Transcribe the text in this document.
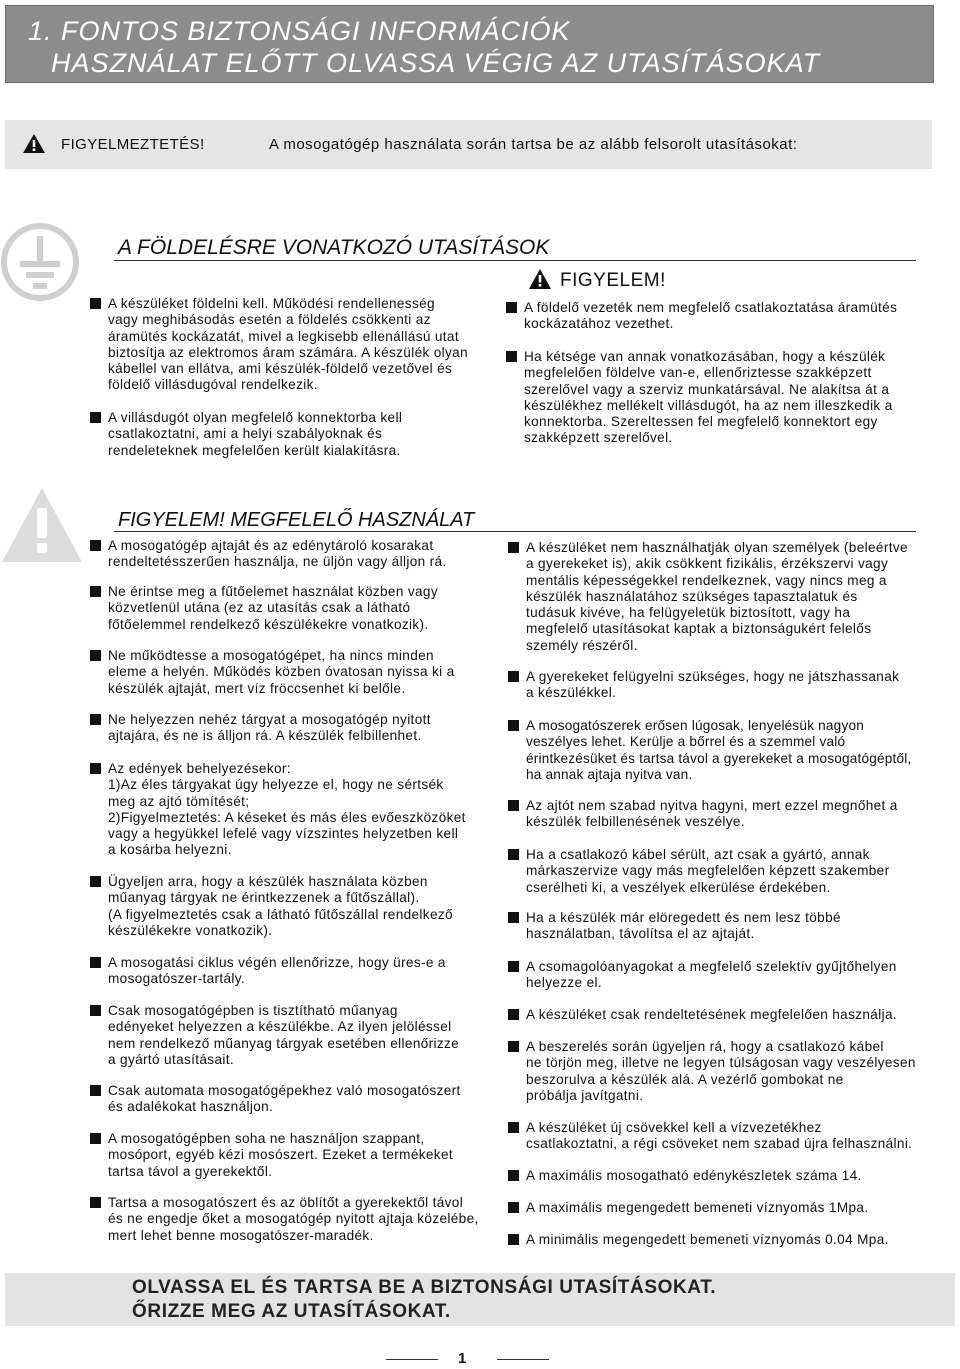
1. FONTOS BIZTONSÁGI INFORMÁCIÓK
HASZNÁLAT ELŐTT OLVASSA VÉGIG AZ UTASÍTÁSOKAT
FIGYELMEZTETÉS!	A mosogatógép használata során tartsa be az alább felsorolt utasításokat:
A FÖLDELÉSRE VONATKOZÓ UTASÍTÁSOK
A készüléket földelni kell. Működési rendellenesség
vagy meghibásodás esetén a földelés csökkenti az
áramütés kockázatát, mivel a legkisebb ellenállású utat
biztosítja az elektromos áram számára. A készülék olyan
kábellel van ellátva, ami készülék-földelő vezetővel és
földelő villásdugóval rendelkezik.
A villásdugót olyan megfelelő konnektorba kell
csatlakoztatni, ami a helyi szabályoknak és
rendeleteknek megfelelően került kialakításra.
FIGYELEM!
A földelő vezeték nem megfelelő csatlakoztatása áramütés
kockázatához vezethet.
Ha kétsége van annak vonatkozásában, hogy a készülék
megfelelően földelve van-e, ellenőriztesse szakképzett
szerelővel vagy a szerviz munkatársával. Ne alakítsa át a
készülékhez mellékelt villásdugót, ha az nem illeszkedik a
konnektorba. Szereltessen fel megfelelő konnektort egy
szakképzett szerelővel.
FIGYELEM! MEGFELELŐ HASZNÁLAT
A mosogatógép ajtaját és az edénytároló kosarakat
rendeltetésszerűen használja, ne üljön vagy álljon rá.
Ne érintse meg a fűtőelemet használat közben vagy
közvetlenül utána (ez az utasítás csak a látható
főtőelemmel rendelkező készülékekre vonatkozik).
Ne működtesse a mosogatógépet, ha nincs minden
eleme a helyén. Működés közben óvatosan nyissa ki a
készülék ajtaját, mert víz fröccsenhet ki belőle.
Ne helyezzen nehéz tárgyat a mosogatógép nyitott
ajtajára, és ne is álljon rá. A készülék felbillenhet.
Az edények behelyezésekor:
1)Az éles tárgyakat úgy helyezze el, hogy ne sértsék
meg az ajtó tömítését;
2)Figyelmeztetés: A késeket és más éles evőeszközöket
vagy a hegyükkel lefelé vagy vízszintes helyzetben kell
a kosárba helyezni.
Ügyeljen arra, hogy a készülék használata közben
műanyag tárgyak ne érintkezzenek a fűtőszállal).
(A figyelmeztetés csak a látható fűtőszállal rendelkező
készülékekre vonatkozik).
A mosogatási ciklus végén ellenőrizze, hogy üres-e a
mosogatószer-tartály.
Csak mosogatógépben is tisztítható műanyag
edényeket helyezzen a készülékbe. Az ilyen jelöléssel
nem rendelkező műanyag tárgyak esetében ellenőrizze
a gyártó utasításait.
Csak automata mosogatógépekhez való mosogatószert
és adalékokat használjon.
A mosogatógépben soha ne használjon szappant,
mosóport, egyéb kézi mosószert. Ezeket a termékeket
tartsa távol a gyerekektől.
Tartsa a mosogatószert és az öblítőt a gyerekektől távol
és ne engedje őket a mosogatógép nyitott ajtaja közelébe,
mert lehet benne mosogatószer-maradék.
A készüléket nem használhatják olyan személyek (beleértve
a gyerekeket is), akik csökkent fizikális, érzékszervi vagy
mentális képességekkel rendelkeznek, vagy nincs meg a
készülék használatához szükséges tapasztalatuk és
tudásuk kivéve, ha felügyeletük biztosított, vagy ha
megfelelő utasításokat kaptak a biztonságukért felelős
személy részéről.
A gyerekeket felügyelni szükséges, hogy ne játszhassanak
a készülékkel.
A mosogatószerek erősen lúgosak, lenyelésük nagyon
veszélyes lehet. Kerülje a bőrrel és a szemmel való
érintkezésüket és tartsa távol a gyerekeket a mosogatógéptől,
ha annak ajtaja nyitva van.
Az ajtót nem szabad nyitva hagyni, mert ezzel megnőhet a
készülék felbillenésének veszélye.
Ha a csatlakozó kábel sérült, azt csak a gyártó, annak
márkaszervize vagy más megfelelően képzett szakember
cserélheti ki, a veszélyek elkerülése érdekében.
Ha a készülék már elöregedett és nem lesz többé
használatban, távolítsa el az ajtaját.
A csomagolóanyagokat a megfelelő szelektív gyűjtőhelyen
helyezze el.
A készüléket csak rendeltetésének megfelelően használja.
A beszerelés során ügyeljen rá, hogy a csatlakozó kábel
ne törjön meg, illetve ne legyen túlságosan vagy veszélyesen
beszorulva a készülék alá. A vezérlő gombokat ne
próbálja javítgatni.
A készüléket új csövekkel kell a vízvezetékhez
csatlakoztatni, a régi csöveket nem szabad újra felhasználni.
A maximális mosogatható edénykészletek száma 14.
A maximális megengedett bemeneti víznyomás 1Mpa.
A minimális megengedett bemeneti víznyomás 0.04 Mpa.
OLVASSA EL ÉS TARTSA BE A BIZTONSÁGI UTASÍTÁSOKAT.
ŐRIZZE MEG AZ UTASÍTÁSOKAT.
1
